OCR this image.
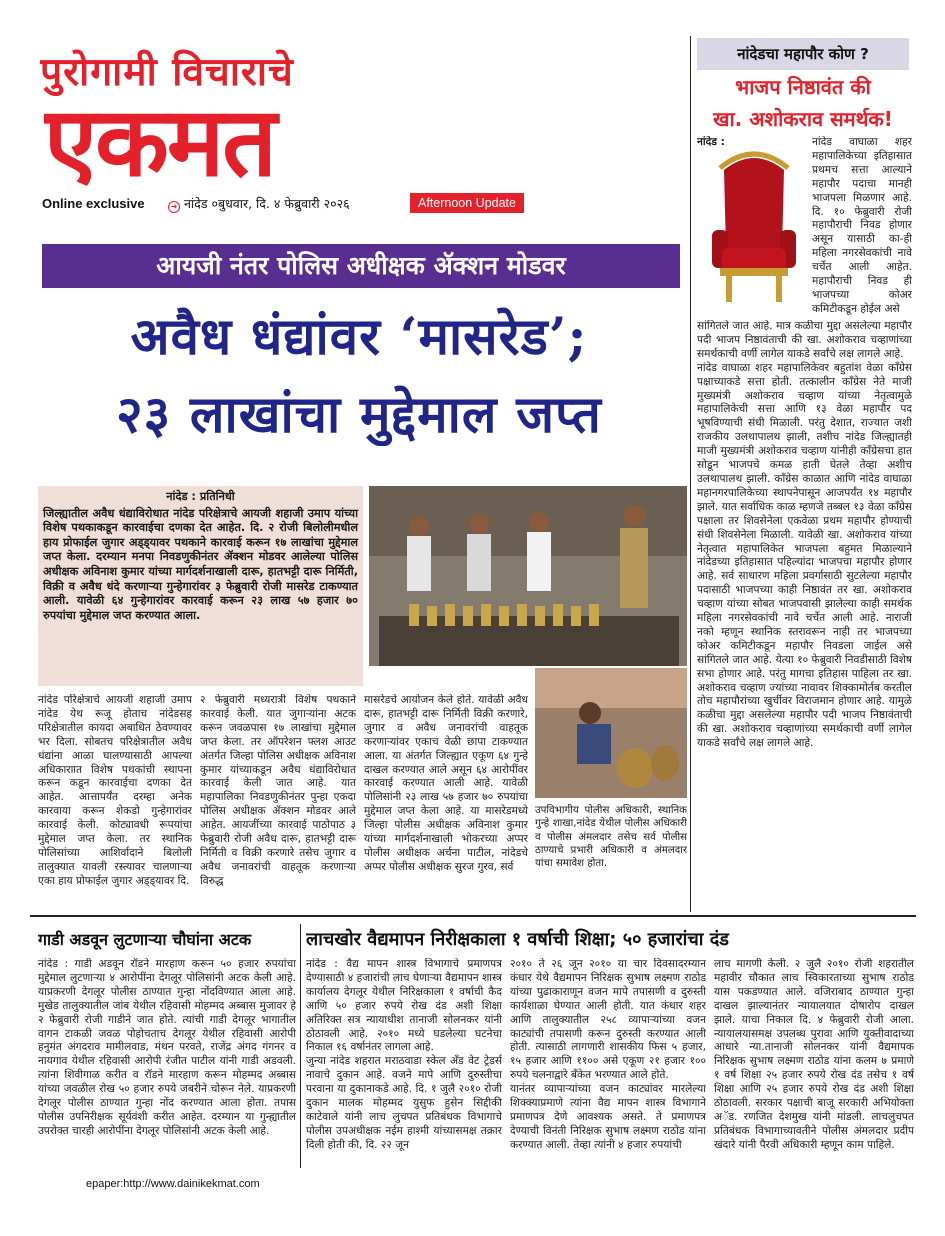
पुरोगामी विचाराचे
एकमत
Online exclusive	➜ नांदेड ०बुधवार, दि. ४ फेब्रुवारी २०२६	Afternoon Update
आयजी नंतर पोलिस अधीक्षक ॲक्शन मोडवर
अवैध धंद्यांवर ‘मासरेड’;
२३ लाखांचा मुद्देमाल जप्त
नांदेड : प्रतिनिधी
जिल्ह्यातील अवैध धंद्याविरोधात नांदेड परिक्षेत्राचे आयजी शहाजी उमाप यांच्या विशेष पथकाकडून कारवाईचा दणका देत आहेत. दि. २ रोजी बिलोलीमधील हाय प्रोफाईल जुगार अड्ड्यावर पथकाने कारवाई करून १७ लाखांचा मुद्देमाल जप्त केला. दरम्यान मनपा निवडणुकीनंतर ॲक्शन मोडवर आलेल्या पोलिस अधीक्षक अविनाश कुमार यांच्या मार्गदर्शनाखाली दारू, हातभट्टी दारू निर्मिती, विक्री व अवैध धंदे करणाऱ्या गुन्हेगारांवर ३ फेब्रुवारी रोजी मासरेड टाकण्यात आली. यावेळी ६४ गुन्हेगारांवर कारवाई करून २३ लाख ५७ हजार ७० रुपयांचा मुद्देमाल जप्त करण्यात आला.
नांदेड परिक्षेत्राचे आयजी शहाजी उमाप नांदेड येथ रूजू होताच नांदेडसह परिक्षेत्रातील कायदा अबाधित ठेवण्यावर भर दिला. सोबतच परिक्षेत्रातील अवैध धंद्यांना आळा घालण्यासाठी आपल्या अधिकाराात विशेष पथकांची स्थापना करून कडून कारवाईचा दणका देत आहेत. आत्तापर्यंत दरम्हा अनेक कारवाया करून शेकडो गुन्हेगारांवर कारवाई केली. कोट्यावधी रूपयांचा मुद्देमाल जप्त केला. तर स्थानिक पोलिसांच्या आशिर्वादाने बिलोली तालुक्यात यावली रस्त्यावर चालणाऱ्या एका हाय प्रोफाईल जुगार अड्ड्यावर दि.
२ फेब्रुवारी मध्यरात्री विशेष पथकाने कारवाई केली. यात जुगाऱ्यांना अटक करून जवळपास १७ लाखांचा मुद्देमाल जप्त केला. तर ऑपरेशन फ्लश आउट अंतर्गत जिल्हा पोलिस अधीक्षक अविनाश कुमार यांच्याकडून अवैध धंद्याविरोधात कारवाई केली जात आहे. यात महापालिका निवडणुकीनंतर पुन्हा एकदा पोलिस अधीक्षक ॲक्शन मोडवर आले आहेत. आयजींच्या कारवाई पाठोपाठ ३ फेब्रुवारी रोजी अवैध दारू, हातभट्टी दारू निर्मिती व विक्री करणारे तसेच जुगार व अवैध जनावरांची वाहतूक करणाऱ्या विरुद्ध
मासरेडचे आयोजन केले होते. यावेळी अवैध दारू, हातभट्टी दारू निर्मिती विक्री करणारे, जुगार व अवैध जनावरांची वाहतूक करणाऱ्यांवर एकाच वेळी छापा टाकण्यात आला. या अंतर्गत जिल्ह्यात एकूण ६४ गुन्हे दाखल करण्यात आले असून ६४ आरोपींवर कारवाई करण्यात आली आहे. यावेळी पोलिसांनी २३ लाख ५७ हजार ७० रुपयांचा मुद्देमाल जप्त केला आहे. या मासरेडमध्ये जिल्हा पोलीस अधीक्षक अविनाश कुमार यांच्या मार्गदर्शनाखाली भोकरच्या अप्पर पोलीस अधीक्षक अर्चना पाटील, नांदेडचे अप्पर पोलीस अधीक्षक सुरज गुरव, सर्व
उपविभागीय पोलीस अधिकारी, स्थानिक गुन्हे शाखा,नांदेड येथील पोलीस अधिकारी व पोलीस अंमलदार तसेच सर्व पोलीस ठाण्याचे प्रभारी अधिकारी व अंमलदार यांचा समावेश होता.
नांदेडचा महापौर कोण ?
भाजप निष्ठावंत की
खा. अशोकराव समर्थक!
नांदेड :	नांदेड वाघाळा शहर महापालिकेच्या इतिहासात प्रथमच सत्ता आल्याने महापौर पदाचा मानही भाजपला मिळणार आहे. दि. १० फेब्रुवारी रोजी महापौराची निवड होणार असून यासाठी का-ही महिला नगरसेवकांची नावे चर्चेत आली आहेत. महापौराची निवड ही भाजपच्या कोअर कमिटीकडून होईल असे
सांगितले जात आहे. मात्र कळीचा मुद्दा असलेल्या महापौर पदी भाजप निष्ठावंताची की खा. अशोकराव चव्हाणांच्या समर्थकाची वर्णी लागेल याकडे सर्वांचे लक्ष लागले आहे.
नांदेड वाघाळा शहर महापालिकेवर बहुतांश वेळा काँग्रेस पक्षाच्याकडे सत्ता होती. तत्कालीन काँग्रेस नेते माजी मुख्यमंत्री अशोकराव चव्हाण यांच्या नेतृत्वामुळे महापालिकेची सत्ता आणि १३ वेळा महापौर पद भूषविण्याची संधी मिळाली. परंतु देशात, राज्यात जशी राजकीय उलथापालथ झाली, तशीच नांदेड जिल्ह्यातही माजी मुख्यमंत्री अशोकराव चव्हाण यांनीही काँग्रेसचा हात सोडून भाजपचे कमळ हाती घेतले तेव्हा अशीच उलथापालथ झाली. काँग्रेस काळात आणि नांदेड वाघाळा महानगरपालिकेच्या स्थापनेपासून आजपर्यंत १४ महापौर झाले. यात सर्वाधिक काळ म्हणजे तब्बल १३ वेळा काँग्रेस पक्षाला तर शिवसेनेला एकवेळा प्रथम महापौर होण्याची संधी शिवसेनेला मिळाली. यावेळी खा. अशोकराव यांच्या नेतृत्वात महापालिकेत भाजपला बहुमत मिळाल्याने नांदेडच्या इतिहासात पहिल्यांदा भाजपचा महापौर होणार आहे. सर्व साधारण महिला प्रवर्गासाठी सुटलेल्या महापौर पदासाठी भाजपच्या काही निष्ठावंत तर खा. अशोकराव चव्हाण यांच्या सोबत भाजपवासी झालेल्या काही समर्थक महिला नगरसेवकांची नावे चर्चेत आली आहे. नाराजी नको म्हणून स्थानिक स्तरावरून नाही तर भाजपच्या कोअर कमिटीकडून महापौर निवडला जाईल असे सांगितले जात आहे. येत्या १० फेब्रुवारी निवडीसाठी विशेष सभा होणार आहे. परंतु मागचा इतिहास पाहिला तर खा. अशोकराव चव्हाण ज्यांच्या नावावर शिक्कामोर्तब करतील तोच महापौरांच्या खुर्चीवर विराजमान होणार आहे. यामुळे कळीचा मुद्दा असलेल्या महापौर पदी भाजप निष्ठावंताची की खा. अशोकराव चव्हाणांच्या समर्थकाची वर्णी लागेल याकडे सर्वांचे लक्ष लागले आहे.
गाडी अडवून लुटणाऱ्या चौघांना अटक
नांदेड : गाडी अडवून रॉडने मारहाण करून ५० हजार रुपयांचा मुद्देमाल लुटणाऱ्या ४ आरोपींना देगलूर पोलिसांनी अटक केली आहे. याप्रकरणी देगलूर पोलीस ठाण्यात गुन्हा नोंदविण्यात आला आहे. मुखेड तालुक्यातील जांब येथील रहिवासी मोहम्मद अब्बास मुजावर हे २ फेब्रुवारी रोजी गाडीने जात होते. त्यांची गाडी देगलूर भागातील वागन टाकळी जवळ पोहोचताच देगलूर येथील रहिवासी आरोपी हनुमंत अंगदराव मामीलवाड, मंथन परवते, राजेंद्र अंगद गंगनर व नायगाव येथील रहिवासी आरोपी रंजीत पाटील यांनी गाडी अडवली. त्यांना शिवीगाळ करीत व रॉडने मारहाण करून मोहम्मद अब्बास यांच्या जवळील रोख ५० हजार रुपये जबरीने चोरून नेले. याप्रकरणी देगलूर पोलीस ठाण्यात गुन्हा नोंद करण्यात आला होता. तपास पोलीस उपनिरीक्षक सूर्यवंशी करीत आहेत. दरम्यान या गुन्ह्यातील उपरोक्त चारही आरोपींना देगलूर पोलिसांनी अटक केली आहे.
लाचखोर वैद्यमापन निरीक्षकाला १ वर्षाची शिक्षा; ५० हजारांचा दंड
नांदेड : वैद्य मापन शास्त्र विभागाचे प्रमाणपत्र देण्यासाठी ४ हजारांची लाच घेणाऱ्या वैद्यमापन शास्त्र कार्यालय देगलूर येथील निरिक्षकाला १ वर्षाची कैद आणि ५० हजार रुपये रोख दंड अशी शिक्षा अतिरिक्त सत्र न्यायाधीश तानाजी सोलनकर यांनी ठोठावली आहे. २०१० मध्ये घडलेल्या घटनेचा निकाल १६ वर्षानंतर लागला आहे.
जुन्या नांदेड शहरात मराठवाडा स्केल अँड वेट ट्रेडर्स नावाचे दुकान आहे. वजने मापे आणि दुरुस्तीचा परवाना या दुकानाकडे आहे. दि. १ जुलै २०१० रोजी दुकान मालक मोहम्मद युसुफ हुसेन सिद्दीकी काटेवाले यांनी लाच लुचपत प्रतिबंधक विभागाचे पोलीस उपअधीक्षक नईम हाश्मी यांच्यासमक्ष तक्रार दिली होती की, दि. २२ जून
२०१० ते २६ जून २०१० या चार दिवसादरम्यान कंधार येथे वैद्यमापन निरिक्षक सुभाष लक्ष्मण राठोड यांच्या पुढाकाराणून वजन मापे तपासणी व दुरुस्ती कार्यशाळा घेण्यात आली होती. यात कंधार शहर आणि तालुक्यातील २५८ व्यापाऱ्यांच्या वजन काट्यांची तपासणी करून दुरुस्ती करण्यात आली होती. त्यासाठी लागणारी शासकीय फिस ५ हजार, १५ हजार आणि ११०० असे एकूण २१ हजार १०० रुपये चलनाद्वारे बँकेत भरण्यात आले होते.
यानंतर व्यापाऱ्यांच्या वजन काट्यांवर मारलेल्या शिक्क्याप्रमाणे त्यांना वैद्य मापन शास्त्र विभागाने प्रमाणपत्र देणे आवश्यक असते. ते प्रमाणपत्र देण्याची विनंती निरिक्षक सुभाष लक्ष्मण राठोड यांना करण्यात आली. तेव्हा त्यांनी ४ हजार रुपयांची
लाच मागणी केली. २ जुलै २०१० रोजी शहरातील महावीर चौकात लाच स्विकारताच्या सुभाष राठोड यास पकडण्यात आले. वजिराबाद ठाण्यात गुन्हा दाखल झाल्यानंतर न्यायालयात दोषारोप दाखल झाले. याचा निकाल दि. ४ फेब्रुवारी रोजी आला. न्यायालयासमक्ष उपलब्ध पुरावा आणि युक्तीवादाच्या आधारे न्या.तानाजी सोलनकर यांनी वैद्यमापक निरिक्षक सुभाष लक्ष्मण राठोड यांना कलम ७ प्रमाणे १ वर्ष शिक्षा २५ हजार रुपये रोख दंड तसेच १ वर्ष शिक्षा आणि २५ हजार रुपये रोख दंड अशी शिक्षा ठोठावली. सरकार पक्षाची बाजू सरकारी अभियोक्ता अॅड. रणजित देशमुख यांनी मांडली. लाचलुचपत प्रतिबंधक विभागाच्यावतीने पोलीस अंमलदार प्रदीप खंदारे यांनी पैरवी अधिकारी म्हणून काम पाहिले.
epaper:http://www.dainikekmat.com
